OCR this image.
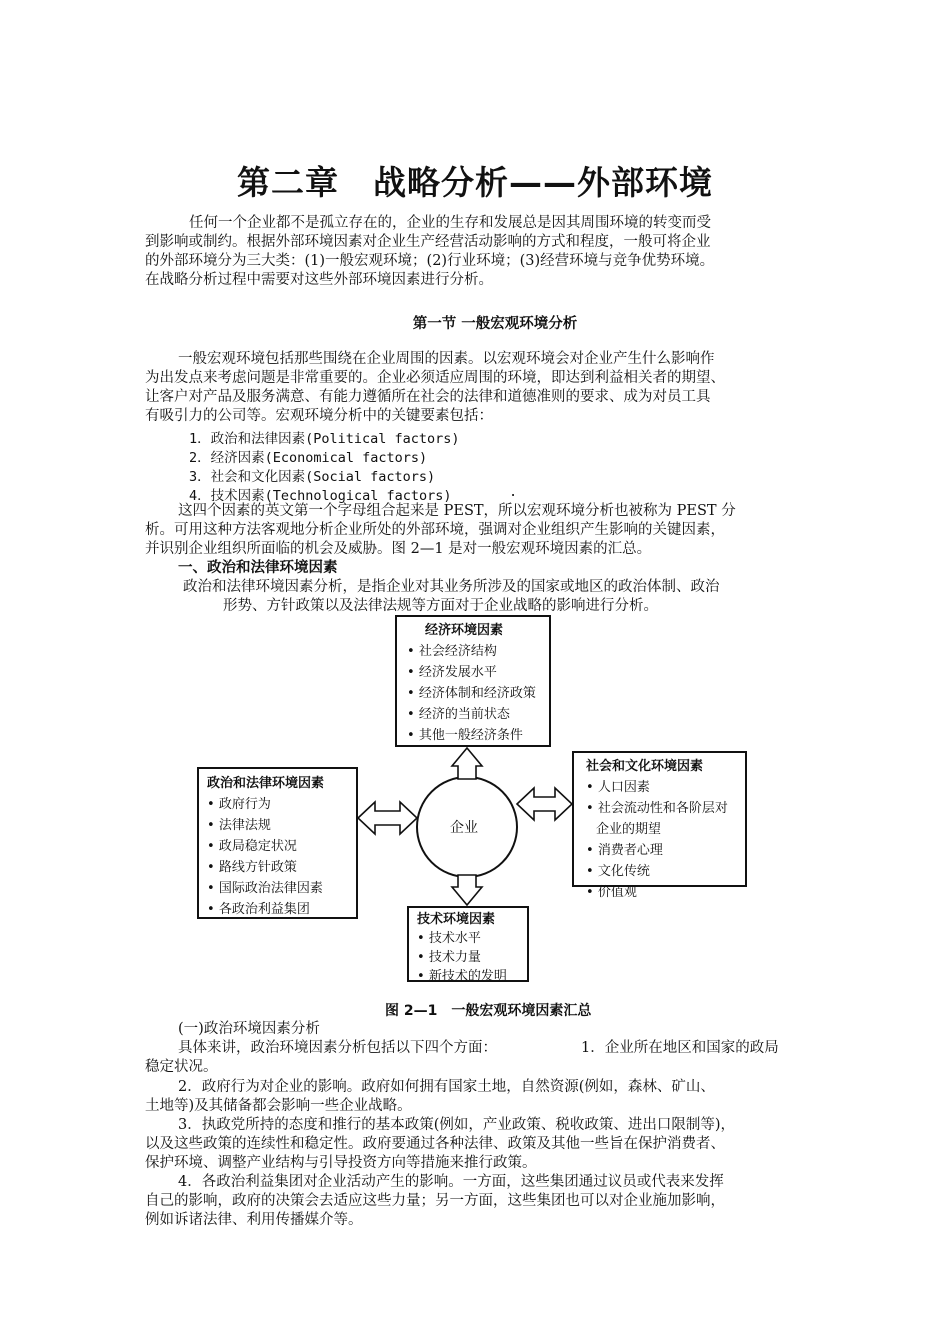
第二章　战略分析——外部环境
任何一个企业都不是孤立存在的，企业的生存和发展总是因其周围环境的转变而受
到影响或制约。根据外部环境因素对企业生产经营活动影响的方式和程度，一般可将企业
的外部环境分为三大类：(1)一般宏观环境；(2)行业环境；(3)经营环境与竞争优势环境。
在战略分析过程中需要对这些外部环境因素进行分析。
第一节 一般宏观环境分析
一般宏观环境包括那些围绕在企业周围的因素。以宏观环境会对企业产生什么影响作
为出发点来考虑问题是非常重要的。企业必须适应周围的环境，即达到利益相关者的期望、
让客户对产品及服务满意、有能力遵循所在社会的法律和道德准则的要求、成为对员工具
有吸引力的公司等。宏观环境分析中的关键要素包括：
1．政治和法律因素(Political factors)
2．经济因素(Economical factors)
3．社会和文化因素(Social factors)
4．技术因素(Technological factors)	.
这四个因素的英文第一个字母组合起来是 PEST，所以宏观环境分析也被称为 PEST 分
析。可用这种方法客观地分析企业所处的外部环境，强调对企业组织产生影响的关键因素，
并识别企业组织所面临的机会及威胁。图 2—1 是对一般宏观环境因素的汇总。
一、政治和法律环境因素
政治和法律环境因素分析，是指企业对其业务所涉及的国家或地区的政治体制、政治
形势、方针政策以及法律法规等方面对于企业战略的影响进行分析。
企业
经济环境因素
• 社会经济结构
• 经济发展水平
• 经济体制和经济政策
• 经济的当前状态
• 其他一般经济条件
政治和法律环境因素
• 政府行为
• 法律法规
• 政局稳定状况
• 路线方针政策
• 国际政治法律因素
• 各政治利益集团
社会和文化环境因素
• 人口因素
• 社会流动性和各阶层对
企业的期望
• 消费者心理
• 文化传统
• 价值观
技术环境因素
• 技术水平
• 技术力量
• 新技术的发明
图 2—1　一般宏观环境因素汇总
(一)政治环境因素分析
具体来讲，政治环境因素分析包括以下四个方面：	1．企业所在地区和国家的政局
稳定状况。
2．政府行为对企业的影响。政府如何拥有国家土地，自然资源(例如，森林、矿山、
土地等)及其储备都会影响一些企业战略。
3．执政党所持的态度和推行的基本政策(例如，产业政策、税收政策、进出口限制等)，
以及这些政策的连续性和稳定性。政府要通过各种法律、政策及其他一些旨在保护消费者、
保护环境、调整产业结构与引导投资方向等措施来推行政策。
4．各政治利益集团对企业活动产生的影响。一方面，这些集团通过议员或代表来发挥
自己的影响，政府的决策会去适应这些力量；另一方面，这些集团也可以对企业施加影响，
例如诉诸法律、利用传播媒介等。
